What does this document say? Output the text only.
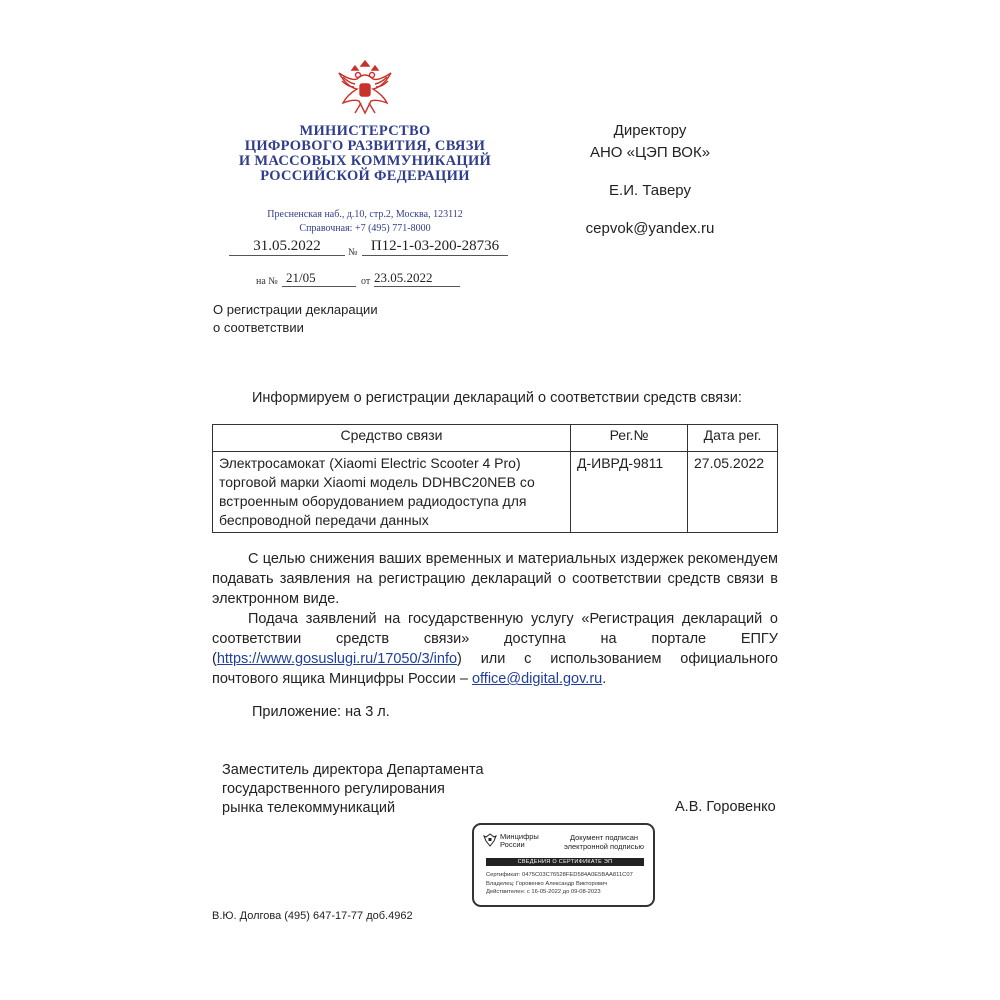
МИНИСТЕРСТВО
ЦИФРОВОГО РАЗВИТИЯ, СВЯЗИ
И МАССОВЫХ КОММУНИКАЦИЙ
РОССИЙСКОЙ ФЕДЕРАЦИИ
Пресненская наб., д.10, стр.2, Москва, 123112
Справочная: +7 (495) 771-8000
31.05.2022	№ П12-1-03-200-28736
на № 21/05	от 23.05.2022
Директору
АНО «ЦЭП ВОК»
Е.И. Таверу
cepvok@yandex.ru
О регистрации декларации
о соответствии
Информируем о регистрации деклараций о соответствии средств связи:
Средство связи	Рег.№	Дата рег.
Электросамокат (Xiaomi Electric Scooter 4 Pro) торговой марки Xiaomi модель DDHBC20NEB со встроенным оборудованием радиодоступа для беспроводной передачи данных	Д-ИВРД-9811	27.05.2022
С целью снижения ваших временных и материальных издержек рекомендуем подавать заявления на регистрацию деклараций о соответствии средств связи в электронном виде.
Подача заявлений на государственную услугу «Регистрация деклараций о соответствии средств связи» доступна на портале ЕПГУ (https://www.gosuslugi.ru/17050/3/info) или с использованием официального почтового ящика Минцифры России – office@digital.gov.ru.
Приложение: на 3 л.
Заместитель директора Департамента
государственного регулирования
рынка телекоммуникаций	А.В. Горовенко
Минцифры
России
Документ подписан
электронной подписью
СВЕДЕНИЯ О СЕРТИФИКАТЕ ЭП
Сертификат: 0475C03C76528FED584A0E5BAA811C07
Владелец: Горовенко Александр Викторович
Действителен: с 16-05-2022 до 09-08-2023
В.Ю. Долгова (495) 647-17-77 доб.4962
